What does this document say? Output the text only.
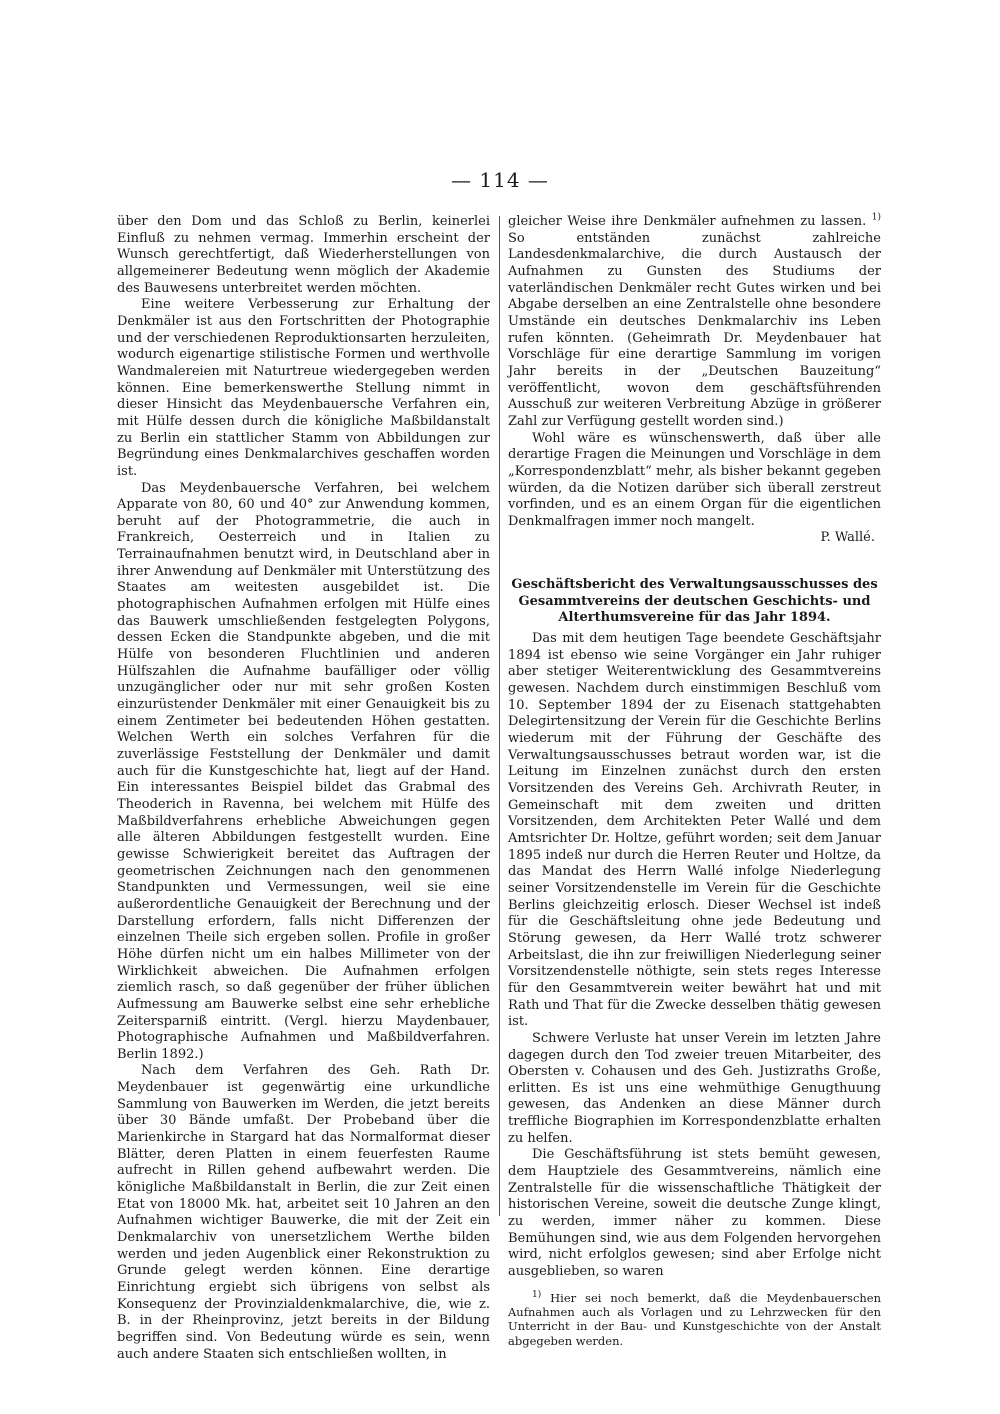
— 114 —

über den Dom und das Schloß zu Berlin, keinerlei Einfluß zu nehmen vermag. Immerhin erscheint der Wunsch gerechtfertigt, daß Wiederherstellungen von allgemeinerer Bedeutung wenn möglich der Akademie des Bauwesens unterbreitet werden möchten.

Eine weitere Verbesserung zur Erhaltung der Denkmäler ist aus den Fortschritten der Photographie und der verschiedenen Reproduktionsarten herzuleiten, wodurch eigenartige stilistische Formen und werthvolle Wandmalereien mit Naturtreue wiedergegeben werden können. Eine bemerkenswerthe Stellung nimmt in dieser Hinsicht das Meydenbauersche Verfahren ein, mit Hülfe dessen durch die königliche Maßbildanstalt zu Berlin ein stattlicher Stamm von Abbildungen zur Begründung eines Denkmalarchives geschaffen worden ist.

Das Meydenbauersche Verfahren, bei welchem Apparate von 80, 60 und 40° zur Anwendung kommen, beruht auf der Photogrammetrie, die auch in Frankreich, Oesterreich und in Italien zu Terrainaufnahmen benutzt wird, in Deutschland aber in ihrer Anwendung auf Denkmäler mit Unterstützung des Staates am weitesten ausgebildet ist. Die photographischen Aufnahmen erfolgen mit Hülfe eines das Bauwerk umschließenden festgelegten Polygons, dessen Ecken die Standpunkte abgeben, und die mit Hülfe von besonderen Fluchtlinien und anderen Hülfszahlen die Aufnahme baufälliger oder völlig unzugänglicher oder nur mit sehr großen Kosten einzurüstender Denkmäler mit einer Genauigkeit bis zu einem Zentimeter bei bedeutenden Höhen gestatten. Welchen Werth ein solches Verfahren für die zuverlässige Feststellung der Denkmäler und damit auch für die Kunstgeschichte hat, liegt auf der Hand. Ein interessantes Beispiel bildet das Grabmal des Theoderich in Ravenna, bei welchem mit Hülfe des Maßbildverfahrens erhebliche Abweichungen gegen alle älteren Abbildungen festgestellt wurden. Eine gewisse Schwierigkeit bereitet das Auftragen der geometrischen Zeichnungen nach den genommenen Standpunkten und Vermessungen, weil sie eine außerordentliche Genauigkeit der Berechnung und der Darstellung erfordern, falls nicht Differenzen der einzelnen Theile sich ergeben sollen. Profile in großer Höhe dürfen nicht um ein halbes Millimeter von der Wirklichkeit abweichen. Die Aufnahmen erfolgen ziemlich rasch, so daß gegenüber der früher üblichen Aufmessung am Bauwerke selbst eine sehr erhebliche Zeitersparniß eintritt. (Vergl. hierzu Maydenbauer, Photographische Aufnahmen und Maßbildverfahren. Berlin 1892.)

Nach dem Verfahren des Geh. Rath Dr. Meydenbauer ist gegenwärtig eine urkundliche Sammlung von Bauwerken im Werden, die jetzt bereits über 30 Bände umfaßt. Der Probeband über die Marienkirche in Stargard hat das Normalformat dieser Blätter, deren Platten in einem feuerfesten Raume aufrecht in Rillen gehend aufbewahrt werden. Die königliche Maßbildanstalt in Berlin, die zur Zeit einen Etat von 18000 Mk. hat, arbeitet seit 10 Jahren an den Aufnahmen wichtiger Bauwerke, die mit der Zeit ein Denkmalarchiv von unersetzlichem Werthe bilden werden und jeden Augenblick einer Rekonstruktion zu Grunde gelegt werden können. Eine derartige Einrichtung ergiebt sich übrigens von selbst als Konsequenz der Provinzialdenkmalarchive, die, wie z. B. in der Rheinprovinz, jetzt bereits in der Bildung begriffen sind. Von Bedeutung würde es sein, wenn auch andere Staaten sich entschließen wollten, in

gleicher Weise ihre Denkmäler aufnehmen zu lassen. $^{1)}$ So entständen zunächst zahlreiche Landesdenkmalarchive, die durch Austausch der Aufnahmen zu Gunsten des Studiums der vaterländischen Denkmäler recht Gutes wirken und bei Abgabe derselben an eine Zentralstelle ohne besondere Umstände ein deutsches Denkmalarchiv ins Leben rufen könnten. (Geheimrath Dr. Meydenbauer hat Vorschläge für eine derartige Sammlung im vorigen Jahr bereits in der „Deutschen Bauzeitung“ veröffentlicht, wovon dem geschäftsführenden Ausschuß zur weiteren Verbreitung Abzüge in größerer Zahl zur Verfügung gestellt worden sind.)

Wohl wäre es wünschenswerth, daß über alle derartige Fragen die Meinungen und Vorschläge in dem „Korrespondenzblatt“ mehr, als bisher bekannt gegeben würden, da die Notizen darüber sich überall zerstreut vorfinden, und es an einem Organ für die eigentlichen Denkmalfragen immer noch mangelt.

P. Wallé.

Geschäftsbericht des Verwaltungsausschusses des Gesammtvereins der deutschen Geschichts- und Alterthumsvereine für das Jahr 1894.

Das mit dem heutigen Tage beendete Geschäftsjahr 1894 ist ebenso wie seine Vorgänger ein Jahr ruhiger aber stetiger Weiterentwicklung des Gesammtvereins gewesen. Nachdem durch einstimmigen Beschluß vom 10. September 1894 der zu Eisenach stattgehabten Delegirtensitzung der Verein für die Geschichte Berlins wiederum mit der Führung der Geschäfte des Verwaltungsausschusses betraut worden war, ist die Leitung im Einzelnen zunächst durch den ersten Vorsitzenden des Vereins Geh. Archivrath Reuter, in Gemeinschaft mit dem zweiten und dritten Vorsitzenden, dem Architekten Peter Wallé und dem Amtsrichter Dr. Holtze, geführt worden; seit dem Januar 1895 indeß nur durch die Herren Reuter und Holtze, da das Mandat des Herrn Wallé infolge Niederlegung seiner Vorsitzendenstelle im Verein für die Geschichte Berlins gleichzeitig erlosch. Dieser Wechsel ist indeß für die Geschäftsleitung ohne jede Bedeutung und Störung gewesen, da Herr Wallé trotz schwerer Arbeitslast, die ihn zur freiwilligen Niederlegung seiner Vorsitzendenstelle nöthigte, sein stets reges Interesse für den Gesammtverein weiter bewährt hat und mit Rath und That für die Zwecke desselben thätig gewesen ist.

Schwere Verluste hat unser Verein im letzten Jahre dagegen durch den Tod zweier treuen Mitarbeiter, des Obersten v. Cohausen und des Geh. Justizraths Große, erlitten. Es ist uns eine wehmüthige Genugthuung gewesen, das Andenken an diese Männer durch treffliche Biographien im Korrespondenzblatte erhalten zu helfen.

Die Geschäftsführung ist stets bemüht gewesen, dem Hauptziele des Gesammtvereins, nämlich eine Zentralstelle für die wissenschaftliche Thätigkeit der historischen Vereine, soweit die deutsche Zunge klingt, zu werden, immer näher zu kommen. Diese Bemühungen sind, wie aus dem Folgenden hervorgehen wird, nicht erfolglos gewesen; sind aber Erfolge nicht ausgeblieben, so waren

$^{1)}$ Hier sei noch bemerkt, daß die Meydenbauerschen Aufnahmen auch als Vorlagen und zu Lehrzwecken für den Unterricht in der Bau- und Kunstgeschichte von der Anstalt abgegeben werden.
